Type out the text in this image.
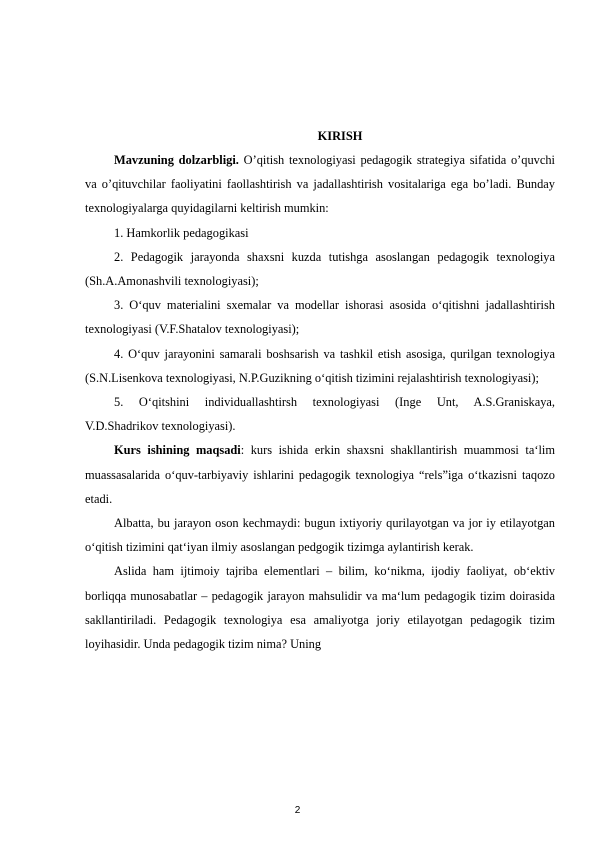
KIRISH

Mavzuning dolzarbligi. O’qitish texnologiyasi pedagogik strategiya sifatida o’quvchi va o’qituvchilar faoliyatini faollashtirish va jadallashtirish vositalariga ega bo’ladi. Bunday texnologiyalarga quyidagilarni keltirish mumkin:

1. Hamkorlik pedagogikasi

2. Pedagogik jarayonda shaxsni kuzda tutishga asoslangan pedagogik texnologiya (Sh.A.Amonashvili texnologiyasi);

3. O‘quv materialini sxemalar va modellar ishorasi asosida o‘qitishni jadallashtirish texnologiyasi (V.F.Shatalov texnologiyasi);

4. O‘quv jarayonini samarali boshsarish va tashkil etish asosiga, qurilgan texnologiya (S.N.Lisenkova texnologiyasi, N.P.Guzikning o‘qitish tizimini rejalashtirish texnologiyasi);

5. O‘qitshini individuallashtirsh texnologiyasi (Inge Unt, A.S.Graniskaya, V.D.Shadrikov texnologiyasi).

Kurs ishining maqsadi: kurs ishida erkin shaxsni shakllantirish muammosi ta‘lim muassasalarida o‘quv-tarbiyaviy ishlarini pedagogik texnologiya “rels”iga o‘tkazisni taqozo etadi.

Albatta, bu jarayon oson kechmaydi: bugun ixtiyoriy qurilayotgan va jor iy etilayotgan o‘qitish tizimini qat‘iyan ilmiy asoslangan pedgogik tizimga aylantirish kerak.

Aslida ham ijtimoiy tajriba elementlari – bilim, ko‘nikma, ijodiy faoliyat, ob‘ektiv borliqqa munosabatlar – pedagogik jarayon mahsulidir va ma‘lum pedagogik tizim doirasida sakllantiriladi. Pedagogik texnologiya esa amaliyotga joriy etilayotgan pedagogik tizim loyihasidir. Unda pedagogik tizim nima? Uning

2
